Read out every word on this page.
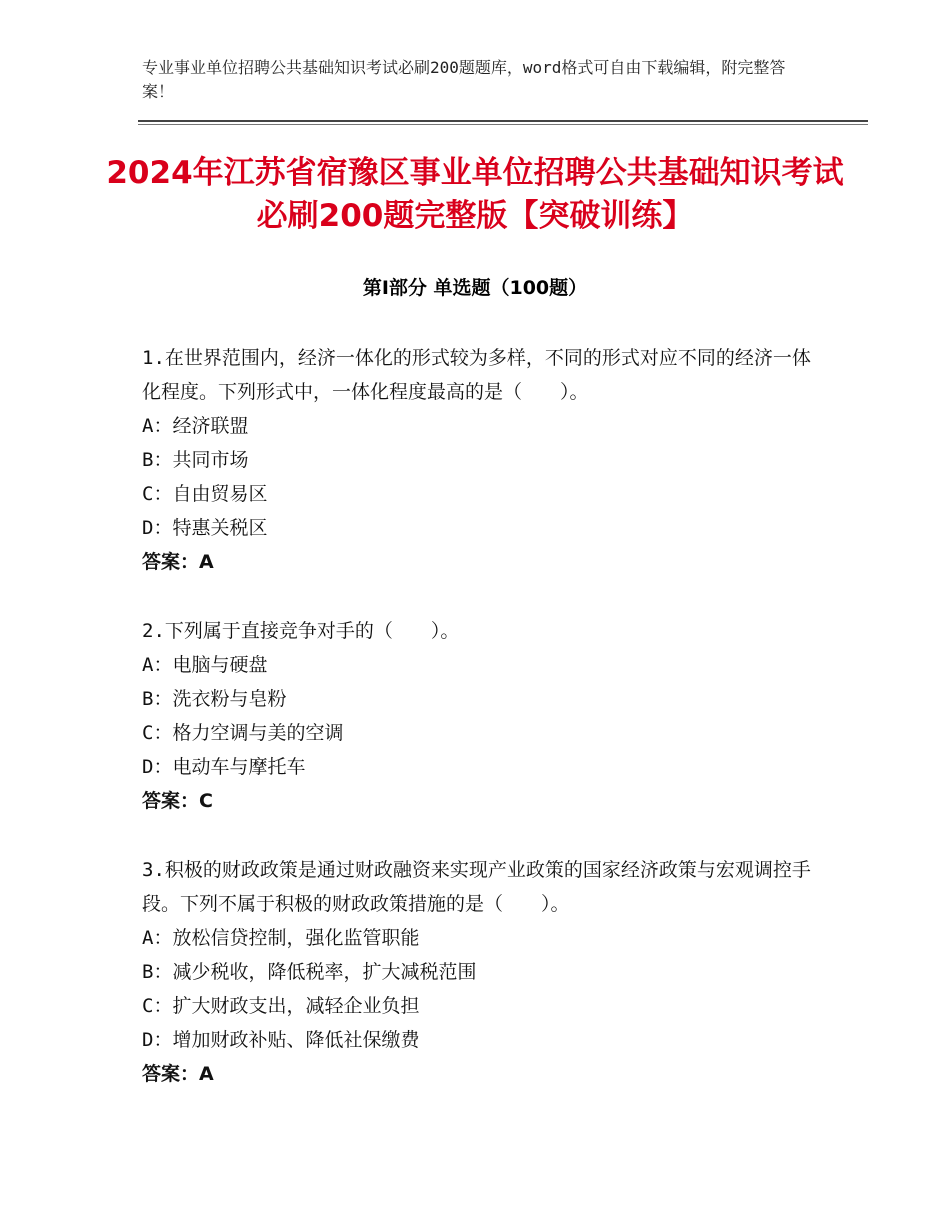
专业事业单位招聘公共基础知识考试必刷200题题库，word格式可自由下载编辑，附完整答案！
2024年江苏省宿豫区事业单位招聘公共基础知识考试必刷200题完整版【突破训练】
第Ⅰ部分 单选题（100题）
1.在世界范围内，经济一体化的形式较为多样，不同的形式对应不同的经济一体化程度。下列形式中，一体化程度最高的是（　　）。
A：经济联盟
B：共同市场
C：自由贸易区
D：特惠关税区
答案：A
2.下列属于直接竞争对手的（　　）。
A：电脑与硬盘
B：洗衣粉与皂粉
C：格力空调与美的空调
D：电动车与摩托车
答案：C
3.积极的财政政策是通过财政融资来实现产业政策的国家经济政策与宏观调控手段。下列不属于积极的财政政策措施的是（　　）。
A：放松信贷控制，强化监管职能
B：减少税收，降低税率，扩大减税范围
C：扩大财政支出，减轻企业负担
D：增加财政补贴、降低社保缴费
答案：A
